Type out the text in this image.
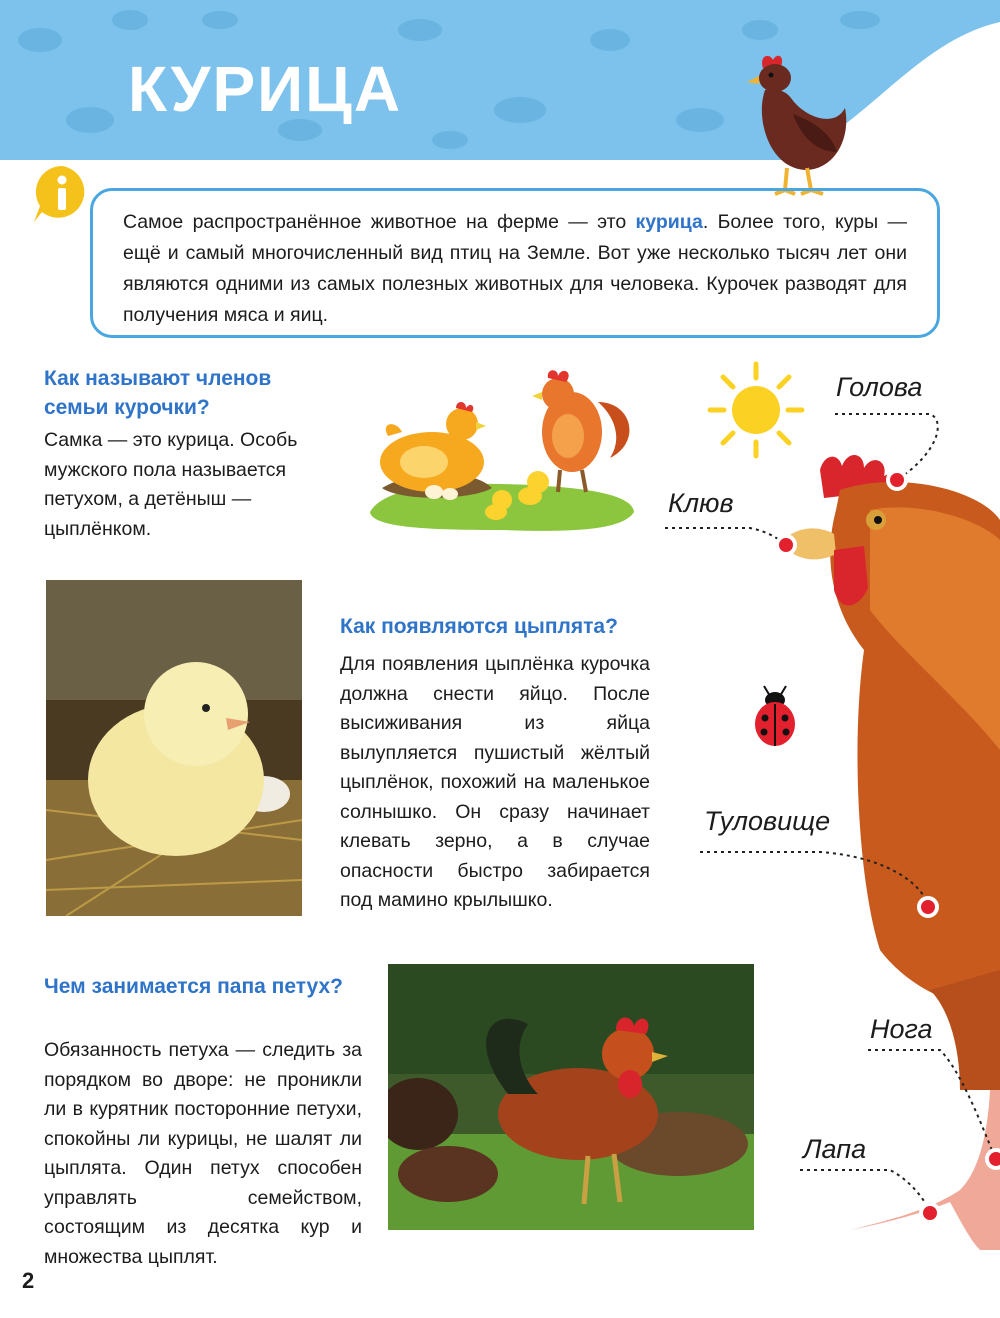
КУРИЦА

Самое распространённое животное на ферме — это курица. Более того, куры — ещё и самый многочисленный вид птиц на Земле. Вот уже несколько тысяч лет они являются одними из самых полезных животных для человека. Курочек разводят для получения мяса и яиц.

Как называют членов семьи курочки?

Самка — это курица. Особь мужского пола называется петухом, а детёныш — цыплёнком.

Как появляются цыплята?

Для появления цыплёнка курочка должна снести яйцо. После высиживания из яйца вылупляется пушистый жёлтый цыплёнок, похожий на маленькое солнышко. Он сразу начинает клевать зерно, а в случае опасности быстро забирается под мамино крылышко.

Чем занимается папа петух?

Обязанность петуха — следить за порядком во дворе: не проникли ли в курятник посторонние петухи, спокойны ли курицы, не шалят ли цыплята. Один петух способен управлять семейством, состоящим из десятка кур и множества цыплят.

Голова

Клюв

Туловище

Нога

Лапа

2
